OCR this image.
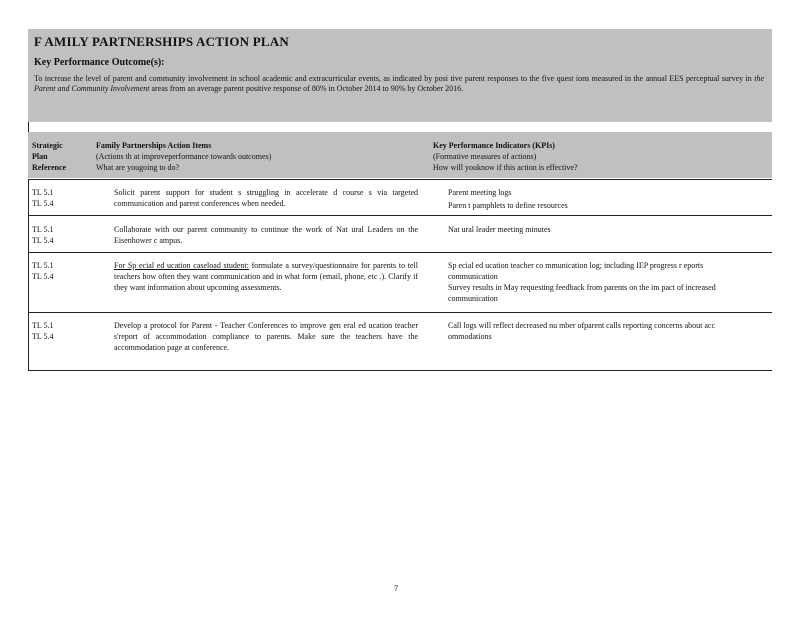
F AMILY PARTNERSHIPS ACTION PLAN
Key Performance Outcome(s):
To increase the level of parent and community involvement in school academic and extracurricular events, as indicated by posi tive parent responses to the five quest ions measured in the annual EES perceptual survey in the Parent and Community Involvement areas from an average parent positive response of 80% in October 2014 to 90% by October 2016.
Strategic
Plan
Reference
Family Partnerships Action Items
(Actions th at improveperformance towards outcomes)
What are yougoing to do?
Key Performance Indicators (KPIs)
(Formative measures of actions)
How will youknow if this action is effective?
TL 5.1
TL 5.4
Solicit parent support for student s struggling in accelerate d course s via targeted communication and parent conferences when needed.
Parent meeting logs
Paren t pamphlets to define resources
TL 5.1
TL 5.4
Collaborate with our parent community to continue the work of Nat ural Leaders on the Eisenhower c ampus.
Nat ural leader meeting minutes
TL 5.1
TL 5.4
For Sp ecial ed ucation caseload student: formulate a survey/questionnaire for parents to tell teachers how often they want communication and in what form (email, phone, etc .). Clarify if they want information about upcoming assessments.
Sp ecial ed ucation teacher co mmunication log; including IEP progress r eports communication
Survey results in May requesting feedback from parents on the im pact of increased communication
TL 5.1
TL 5.4
Develop a protocol for Parent - Teacher Conferences to improve gen eral ed ucation teacher s'report of accommodation compliance to parents. Make sure the teachers have the accommodation page at conference.
Call logs will reflect decreased nu mber ofparent calls reporting concerns about acc ommodations
7
